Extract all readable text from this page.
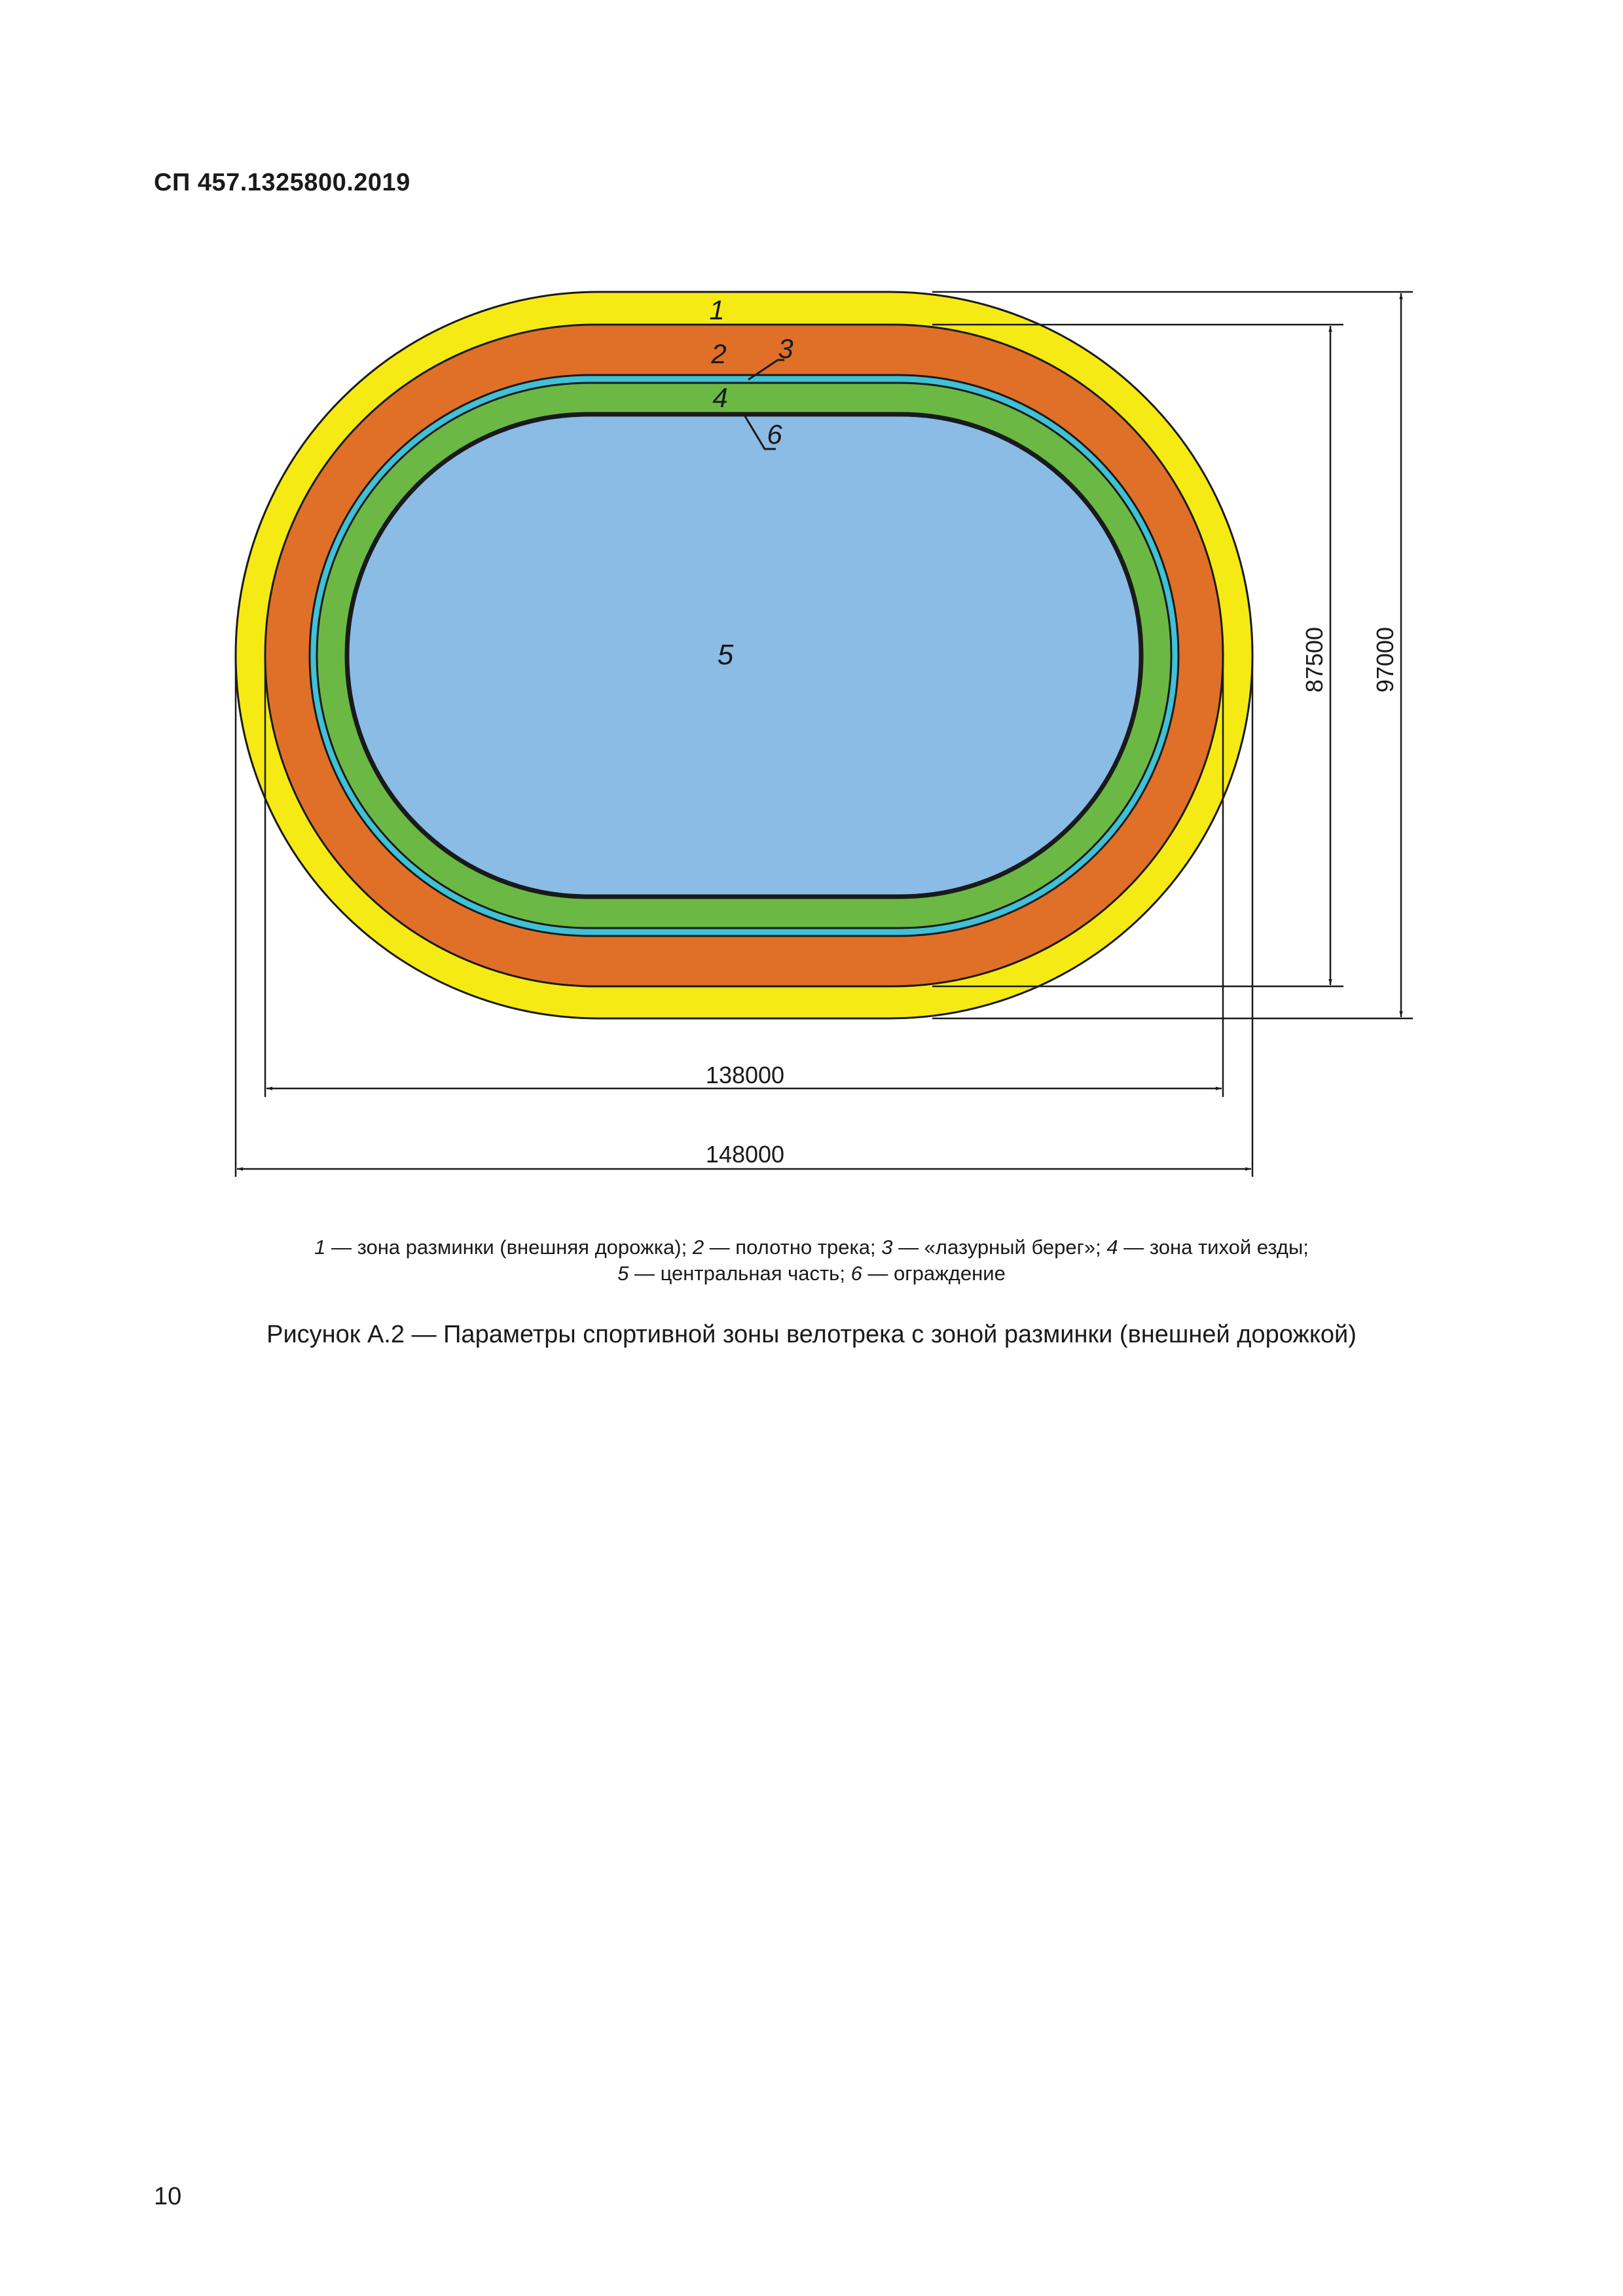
СП 457.1325800.2019
1
2 3
4
5
6
138000
148000
87500 97000
1 — зона разминки (внешняя дорожка); 2 — полотно трека; 3 — «лазурный берег»; 4 — зона тихой езды;
5 — центральная часть; 6 — ограждение
Рисунок А.2 — Параметры спортивной зоны велотрека с зоной разминки (внешней дорожкой)
10
